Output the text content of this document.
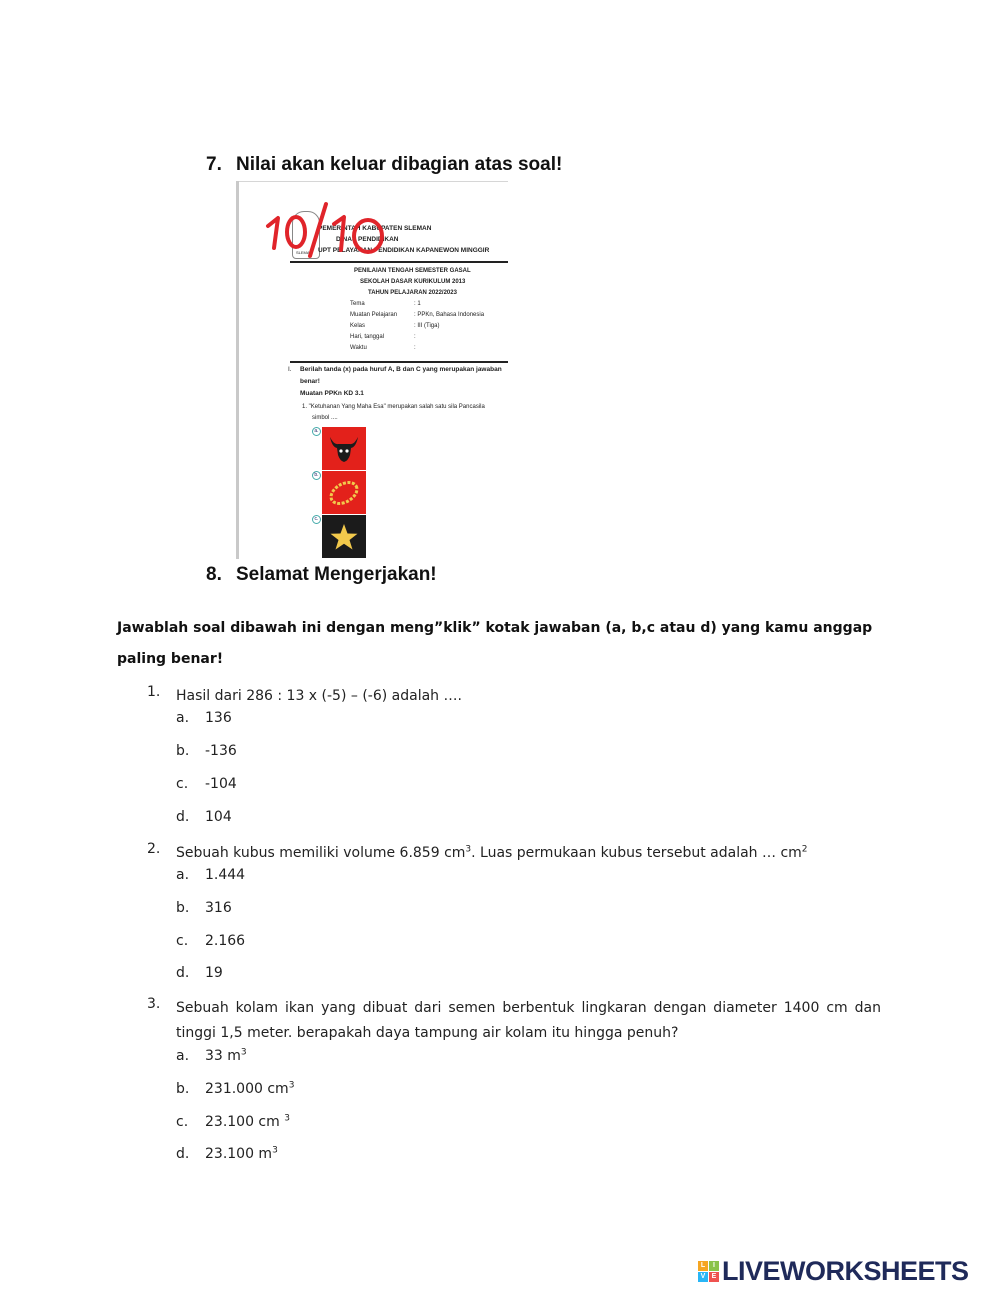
7. Nilai akan keluar dibagian atas soal!
SLEMAN
PEMERINTAH KABUPATEN SLEMAN
DINAS PENDIDIKAN
UPT PELAYANAN PENDIDIKAN KAPANEWON MINGGIR
PENILAIAN TENGAH SEMESTER GASAL
SEKOLAH DASAR KURIKULUM 2013
TAHUN PELAJARAN 2022/2023
Tema	: 1
Muatan Pelajaran	: PPKn, Bahasa Indonesia
Kelas	: III (Tiga)
Hari, tanggal	:
Waktu	:
I. Berilah tanda (x) pada huruf A, B dan C yang merupakan jawaban
benar!
Muatan PPKn KD 3.1
1. "Ketuhanan Yang Maha Esa" merupakan salah satu sila Pancasila
simbol ....
a.
b.
c.
8. Selamat Mengerjakan!
Jawablah soal dibawah ini dengan meng”klik” kotak jawaban (a, b,c atau d) yang kamu anggap paling benar!
1. Hasil dari 286 : 13 x (-5) – (-6) adalah ….
a. 136
b. -136
c. -104
d. 104
2. Sebuah kubus memiliki volume 6.859 $cm^3$. Luas permukaan kubus tersebut adalah … $cm^2$
a. 1.444
b. 316
c. 2.166
d. 19
3. Sebuah kolam ikan yang dibuat dari semen berbentuk lingkaran dengan diameter 1400 cm dan tinggi 1,5 meter. berapakah daya tampung air kolam itu hingga penuh?
a. 33 $m^3$
b. 231.000 $cm^3$
c. 23.100 cm $^3$
d. 23.100 $m^3$
L	I
V E LIVEWORKSHEETS
